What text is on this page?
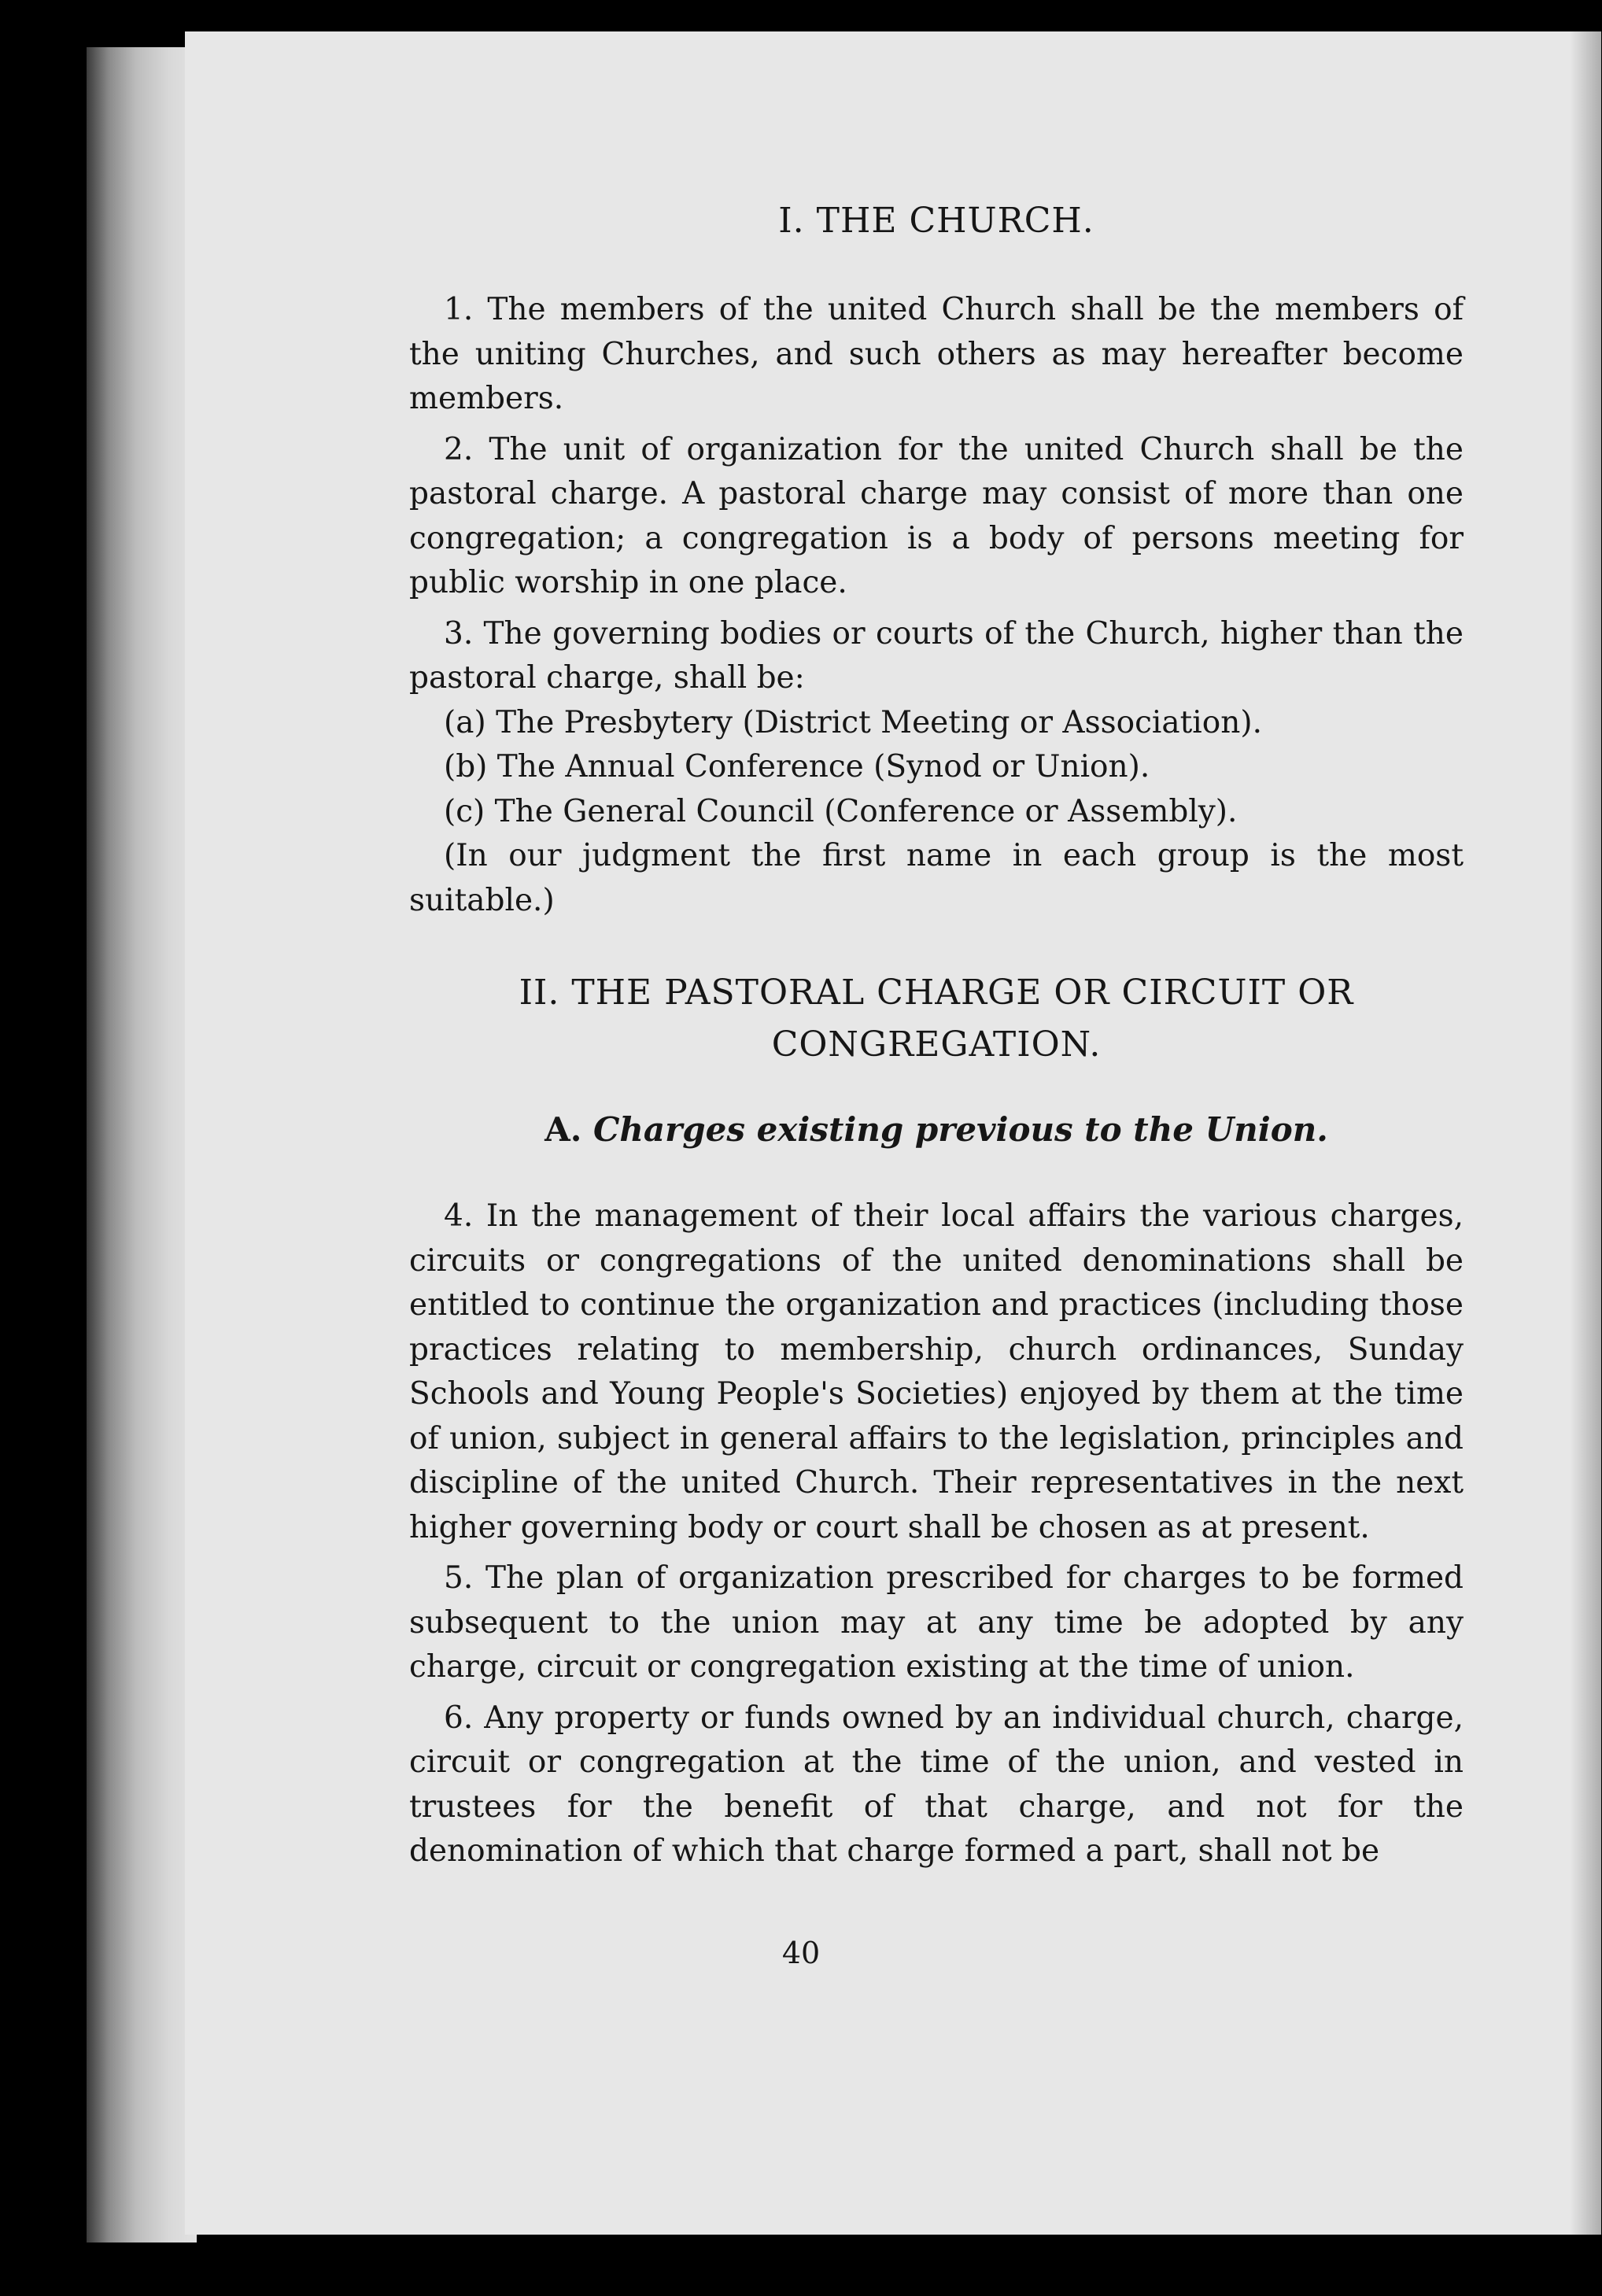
I. THE CHURCH.

1. The members of the united Church shall be the members of the uniting Churches, and such others as may hereafter become members.

2. The unit of organization for the united Church shall be the pastoral charge. A pastoral charge may consist of more than one congregation; a congregation is a body of persons meeting for public worship in one place.

3. The governing bodies or courts of the Church, higher than the pastoral charge, shall be:

(a) The Presbytery (District Meeting or Association).

(b) The Annual Conference (Synod or Union).

(c) The General Council (Conference or Assembly).

(In our judgment the first name in each group is the most suitable.)

II. THE PASTORAL CHARGE OR CIRCUIT OR
CONGREGATION.
A. Charges existing previous to the Union.

4. In the management of their local affairs the various charges, circuits or congregations of the united denominations shall be entitled to continue the organization and practices (including those practices relating to membership, church ordinances, Sunday Schools and Young People's Societies) enjoyed by them at the time of union, subject in general affairs to the legislation, principles and discipline of the united Church. Their representatives in the next higher governing body or court shall be chosen as at present.

5. The plan of organization prescribed for charges to be formed subsequent to the union may at any time be adopted by any charge, circuit or congregation existing at the time of union.

6. Any property or funds owned by an individual church, charge, circuit or congregation at the time of the union, and vested in trustees for the benefit of that charge, and not for the denomination of which that charge formed a part, shall not be

40
